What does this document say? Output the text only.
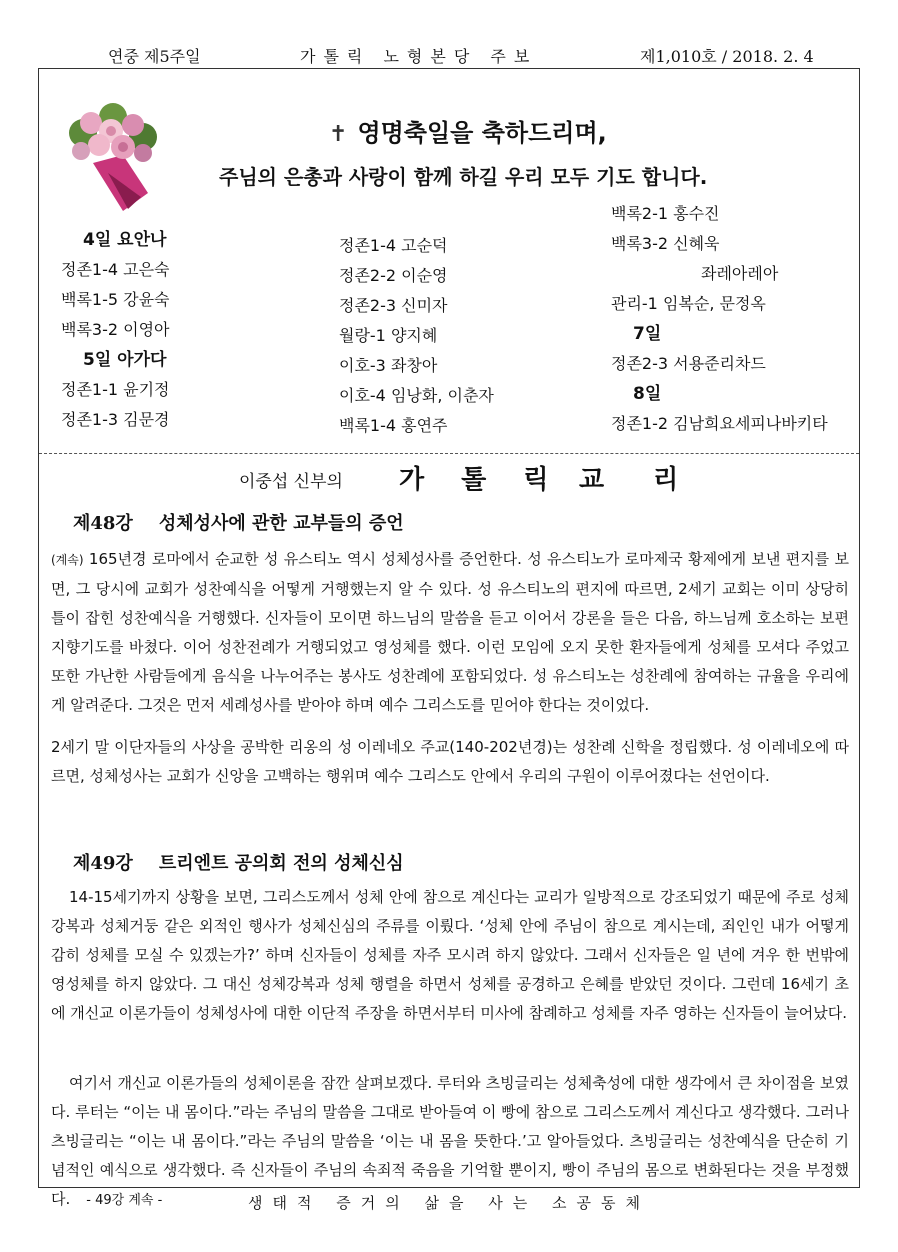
연중 제5주일	가톨릭 노형본당 주보	제1,010호 / 2018. 2. 4
✝ 영명축일을 축하드리며,
주님의 은총과 사랑이 함께 하길 우리 모두 기도 합니다.
4일 요안나
정존1-4 고은숙
백록1-5 강윤숙
백록3-2 이영아
5일 아가다
정존1-1 윤기정
정존1-3 김문경
정존1-4 고순덕
정존2-2 이순영
정존2-3 신미자
월랑-1 양지혜
이호-3 좌창아
이호-4 임낭화, 이춘자
백록1-4 홍연주
백록2-1 홍수진
백록3-2 신혜욱
좌레아레아
관리-1 임복순, 문정옥
7일
정존2-3 서용준리차드
8일
정존1-2 김남희요세피나바키타
이중섭 신부의 가 톨 릭 교 리
제48강 성체성사에 관한 교부들의 증언
(계속) 165년경 로마에서 순교한 성 유스티노 역시 성체성사를 증언한다. 성 유스티노가 로마제국 황제에게 보낸 편지를 보면, 그 당시에 교회가 성찬예식을 어떻게 거행했는지 알 수 있다. 성 유스티노의 편지에 따르면, 2세기 교회는 이미 상당히 틀이 잡힌 성찬예식을 거행했다. 신자들이 모이면 하느님의 말씀을 듣고 이어서 강론을 들은 다음, 하느님께 호소하는 보편지향기도를 바쳤다. 이어 성찬전례가 거행되었고 영성체를 했다. 이런 모임에 오지 못한 환자들에게 성체를 모셔다 주었고 또한 가난한 사람들에게 음식을 나누어주는 봉사도 성찬례에 포함되었다. 성 유스티노는 성찬례에 참여하는 규율을 우리에게 알려준다. 그것은 먼저 세례성사를 받아야 하며 예수 그리스도를 믿어야 한다는 것이었다.
2세기 말 이단자들의 사상을 공박한 리옹의 성 이레네오 주교(140-202년경)는 성찬례 신학을 정립했다. 성 이레네오에 따르면, 성체성사는 교회가 신앙을 고백하는 행위며 예수 그리스도 안에서 우리의 구원이 이루어졌다는 선언이다.
제49강 트리엔트 공의회 전의 성체신심
14-15세기까지 상황을 보면, 그리스도께서 성체 안에 참으로 계신다는 교리가 일방적으로 강조되었기 때문에 주로 성체강복과 성체거둥 같은 외적인 행사가 성체신심의 주류를 이뤘다. ‘성체 안에 주님이 참으로 계시는데, 죄인인 내가 어떻게 감히 성체를 모실 수 있겠는가?’ 하며 신자들이 성체를 자주 모시려 하지 않았다. 그래서 신자들은 일 년에 겨우 한 번밖에 영성체를 하지 않았다. 그 대신 성체강복과 성체 행렬을 하면서 성체를 공경하고 은혜를 받았던 것이다. 그런데 16세기 초에 개신교 이론가들이 성체성사에 대한 이단적 주장을 하면서부터 미사에 참례하고 성체를 자주 영하는 신자들이 늘어났다.
여기서 개신교 이론가들의 성체이론을 잠깐 살펴보겠다. 루터와 츠빙글리는 성체축성에 대한 생각에서 큰 차이점을 보였다. 루터는 “이는 내 몸이다.”라는 주님의 말씀을 그대로 받아들여 이 빵에 참으로 그리스도께서 계신다고 생각했다. 그러나 츠빙글리는 “이는 내 몸이다.”라는 주님의 말씀을 ‘이는 내 몸을 뜻한다.’고 알아들었다. 츠빙글리는 성찬예식을 단순히 기념적인 예식으로 생각했다. 즉 신자들이 주님의 속죄적 죽음을 기억할 뿐이지, 빵이 주님의 몸으로 변화된다는 것을 부정했다. - 49강 계속 -	생태적 증거의 삶을 사는 소공동체
